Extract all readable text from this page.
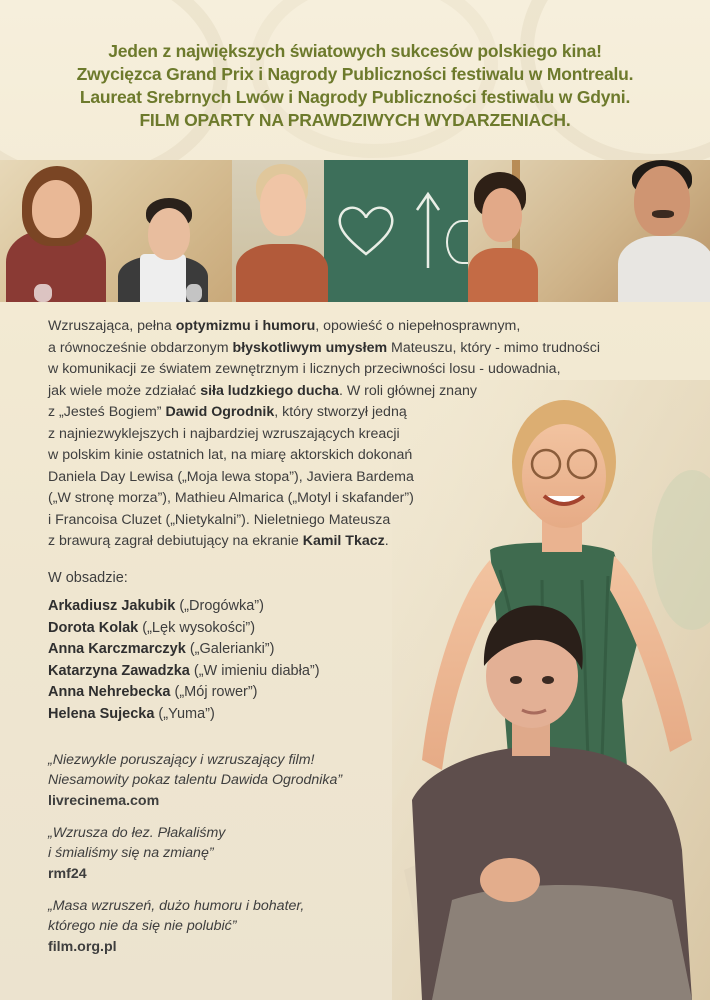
Jeden z największych światowych sukcesów polskiego kina!
Zwycięzca Grand Prix i Nagrody Publiczności festiwalu w Montrealu.
Laureat Srebrnych Lwów i Nagrody Publiczności festiwalu w Gdyni.
FILM OPARTY NA PRAWDZIWYCH WYDARZENIACH.

Wzruszająca, pełna optymizmu i humoru, opowieść o niepełnosprawnym,

a równocześnie obdarzonym błyskotliwym umysłem Mateuszu, który - mimo trudności

w komunikacji ze światem zewnętrznym i licznych przeciwności losu - udowadnia,

jak wiele może zdziałać siła ludzkiego ducha. W roli głównej znany

z „Jesteś Bogiem” Dawid Ogrodnik, który stworzył jedną

z najniezwyklejszych i najbardziej wzruszających kreacji

w polskim kinie ostatnich lat, na miarę aktorskich dokonań

Daniela Day Lewisa („Moja lewa stopa”), Javiera Bardema

(„W stronę morza”), Mathieu Almarica („Motyl i skafander”)

i Francoisa Cluzet („Nietykalni”). Nieletniego Mateusza

z brawurą zagrał debiutujący na ekranie Kamil Tkacz.

W obsadzie:
Arkadiusz Jakubik („Drogówka”)
Dorota Kolak („Lęk wysokości”)
Anna Karczmarczyk („Galerianki”)
Katarzyna Zawadzka („W imieniu diabła”)
Anna Nehrebecka („Mój rower”)
Helena Sujecka („Yuma”)
„Niezwykle poruszający i wzruszający film!
Niesamowity pokaz talentu Dawida Ogrodnika”
livrecinema.com
„Wzrusza do łez. Płakaliśmy
i śmialiśmy się na zmianę”
rmf24
„Masa wzruszeń, dużo humoru i bohater,
którego nie da się nie polubić”
film.org.pl
